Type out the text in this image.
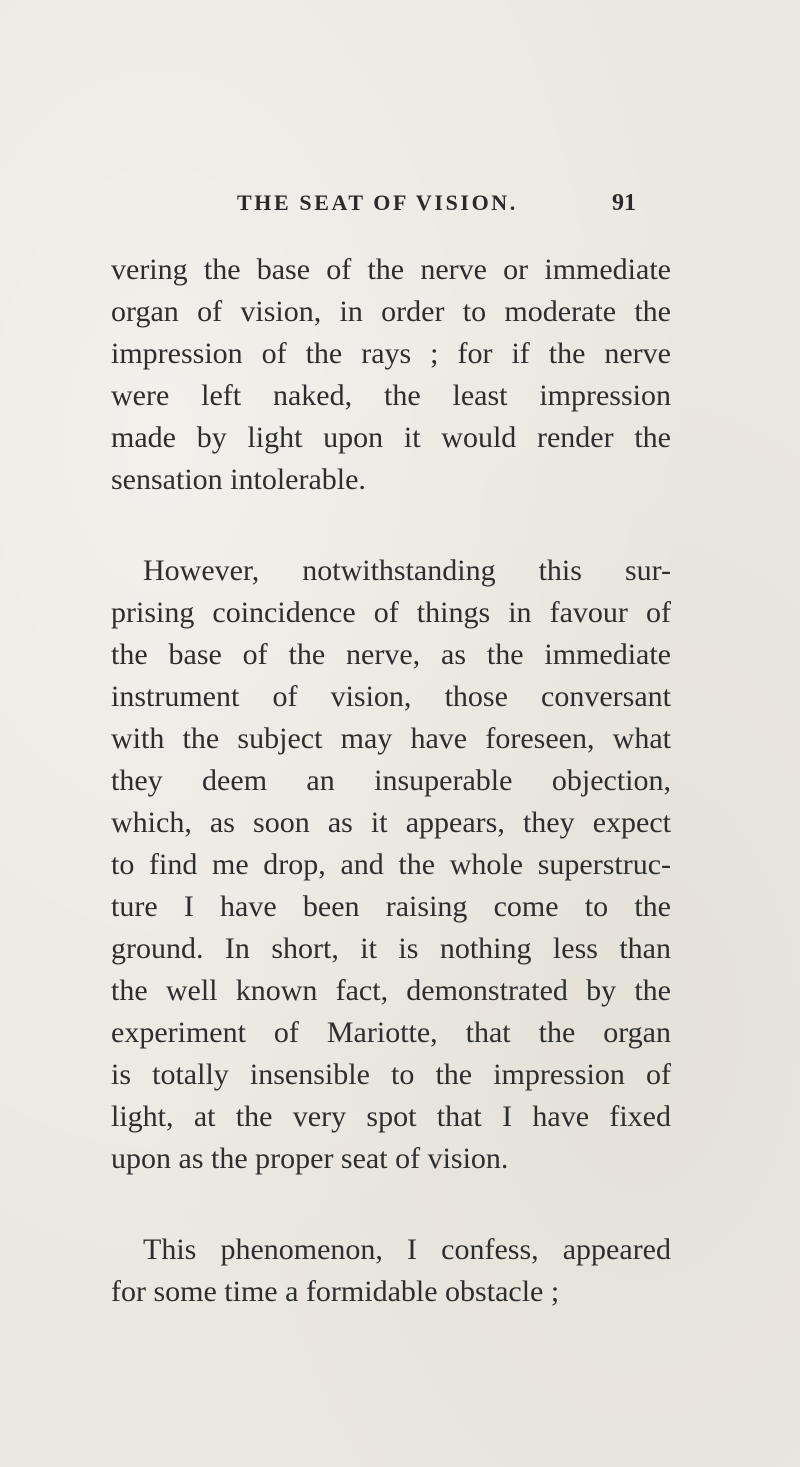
THE SEAT OF VISION.	91
vering the base of the nerve or immediate
organ of vision, in order to moderate the
impression of the rays ; for if the nerve
were left naked, the least impression
made by light upon it would render the
sensation intolerable.
However, notwithstanding this sur-
prising coincidence of things in favour of
the base of the nerve, as the immediate
instrument of vision, those conversant
with the subject may have foreseen, what
they deem an insuperable objection,
which, as soon as it appears, they expect
to find me drop, and the whole superstruc-
ture I have been raising come to the
ground. In short, it is nothing less than
the well known fact, demonstrated by the
experiment of Mariotte, that the organ
is totally insensible to the impression of
light, at the very spot that I have fixed
upon as the proper seat of vision.
This phenomenon, I confess, appeared
for some time a formidable obstacle ;
